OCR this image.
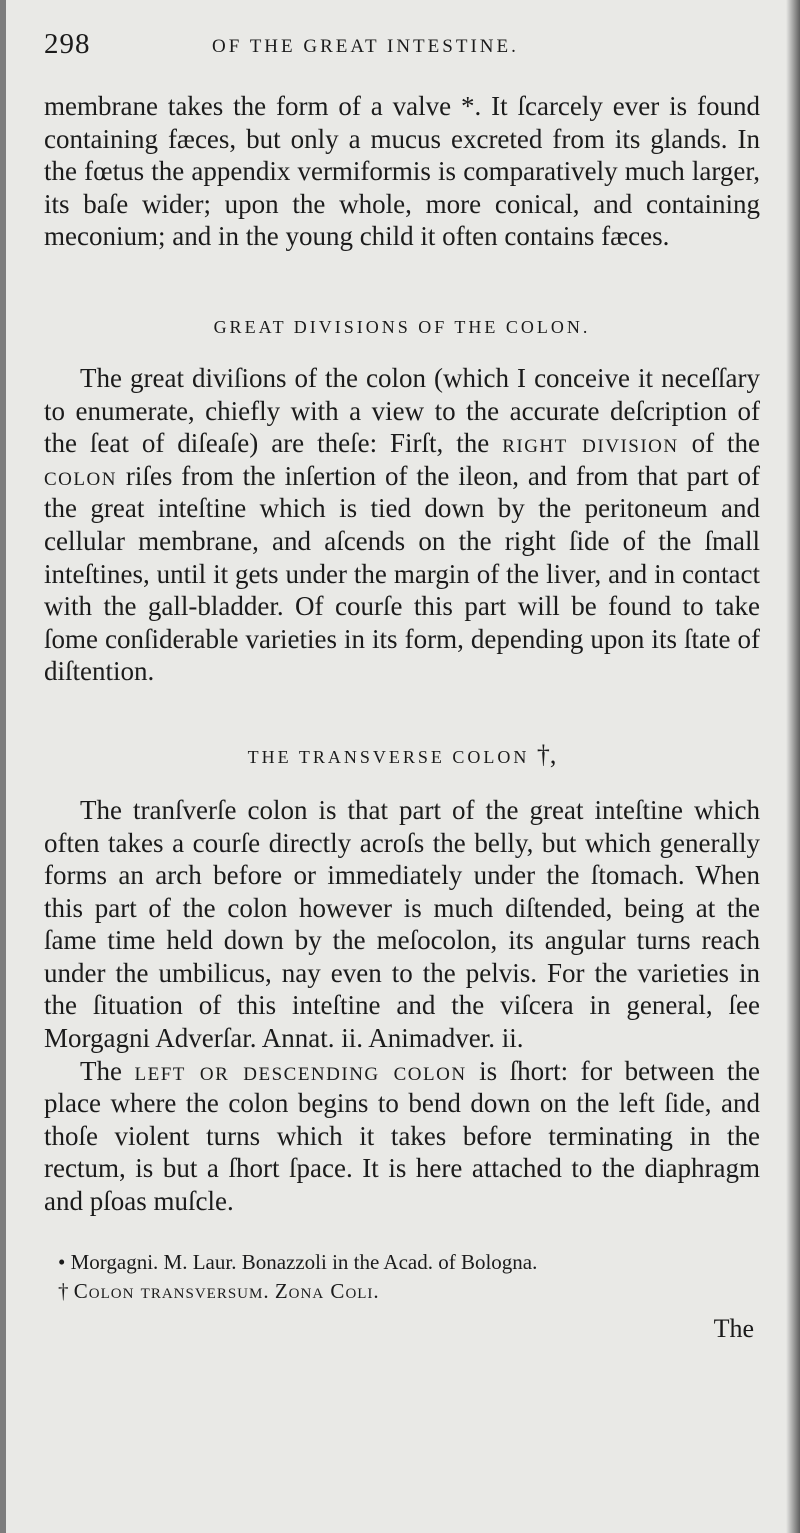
298	OF THE GREAT INTESTINE.

membrane takes the form of a valve *. It ſcarcely ever is found containing fæces, but only a mucus excreted from its glands. In the fœtus the appendix vermiformis is comparatively much larger, its baſe wider; upon the whole, more conical, and containing meconium; and in the young child it often contains fæces.

GREAT DIVISIONS OF THE COLON.

The great diviſions of the colon (which I conceive it neceſſary to enumerate, chiefly with a view to the accurate deſcription of the ſeat of diſeaſe) are theſe: Firſt, the right division of the colon riſes from the inſertion of the ileon, and from that part of the great inteſtine which is tied down by the peritoneum and cellular membrane, and aſcends on the right ſide of the ſmall inteſtines, until it gets under the margin of the liver, and in contact with the gall-bladder. Of courſe this part will be found to take ſome conſiderable varieties in its form, depending upon its ſtate of diſtention.

THE TRANSVERSE COLON †,

The tranſverſe colon is that part of the great inteſtine which often takes a courſe directly acroſs the belly, but which generally forms an arch before or immediately under the ſtomach. When this part of the colon however is much diſtended, being at the ſame time held down by the meſocolon, its angular turns reach under the umbilicus, nay even to the pelvis. For the varieties in the ſituation of this inteſtine and the viſcera in general, ſee Morgagni Adverſar. Annat. ii. Animadver. ii.

The left or descending colon is ſhort: for between the place where the colon begins to bend down on the left ſide, and thoſe violent turns which it takes before terminating in the rectum, is but a ſhort ſpace. It is here attached to the diaphragm and pſoas muſcle.

• Morgagni. M. Laur. Bonazzoli in the Acad. of Bologna.
† Colon transversum. Zona Coli.
The
